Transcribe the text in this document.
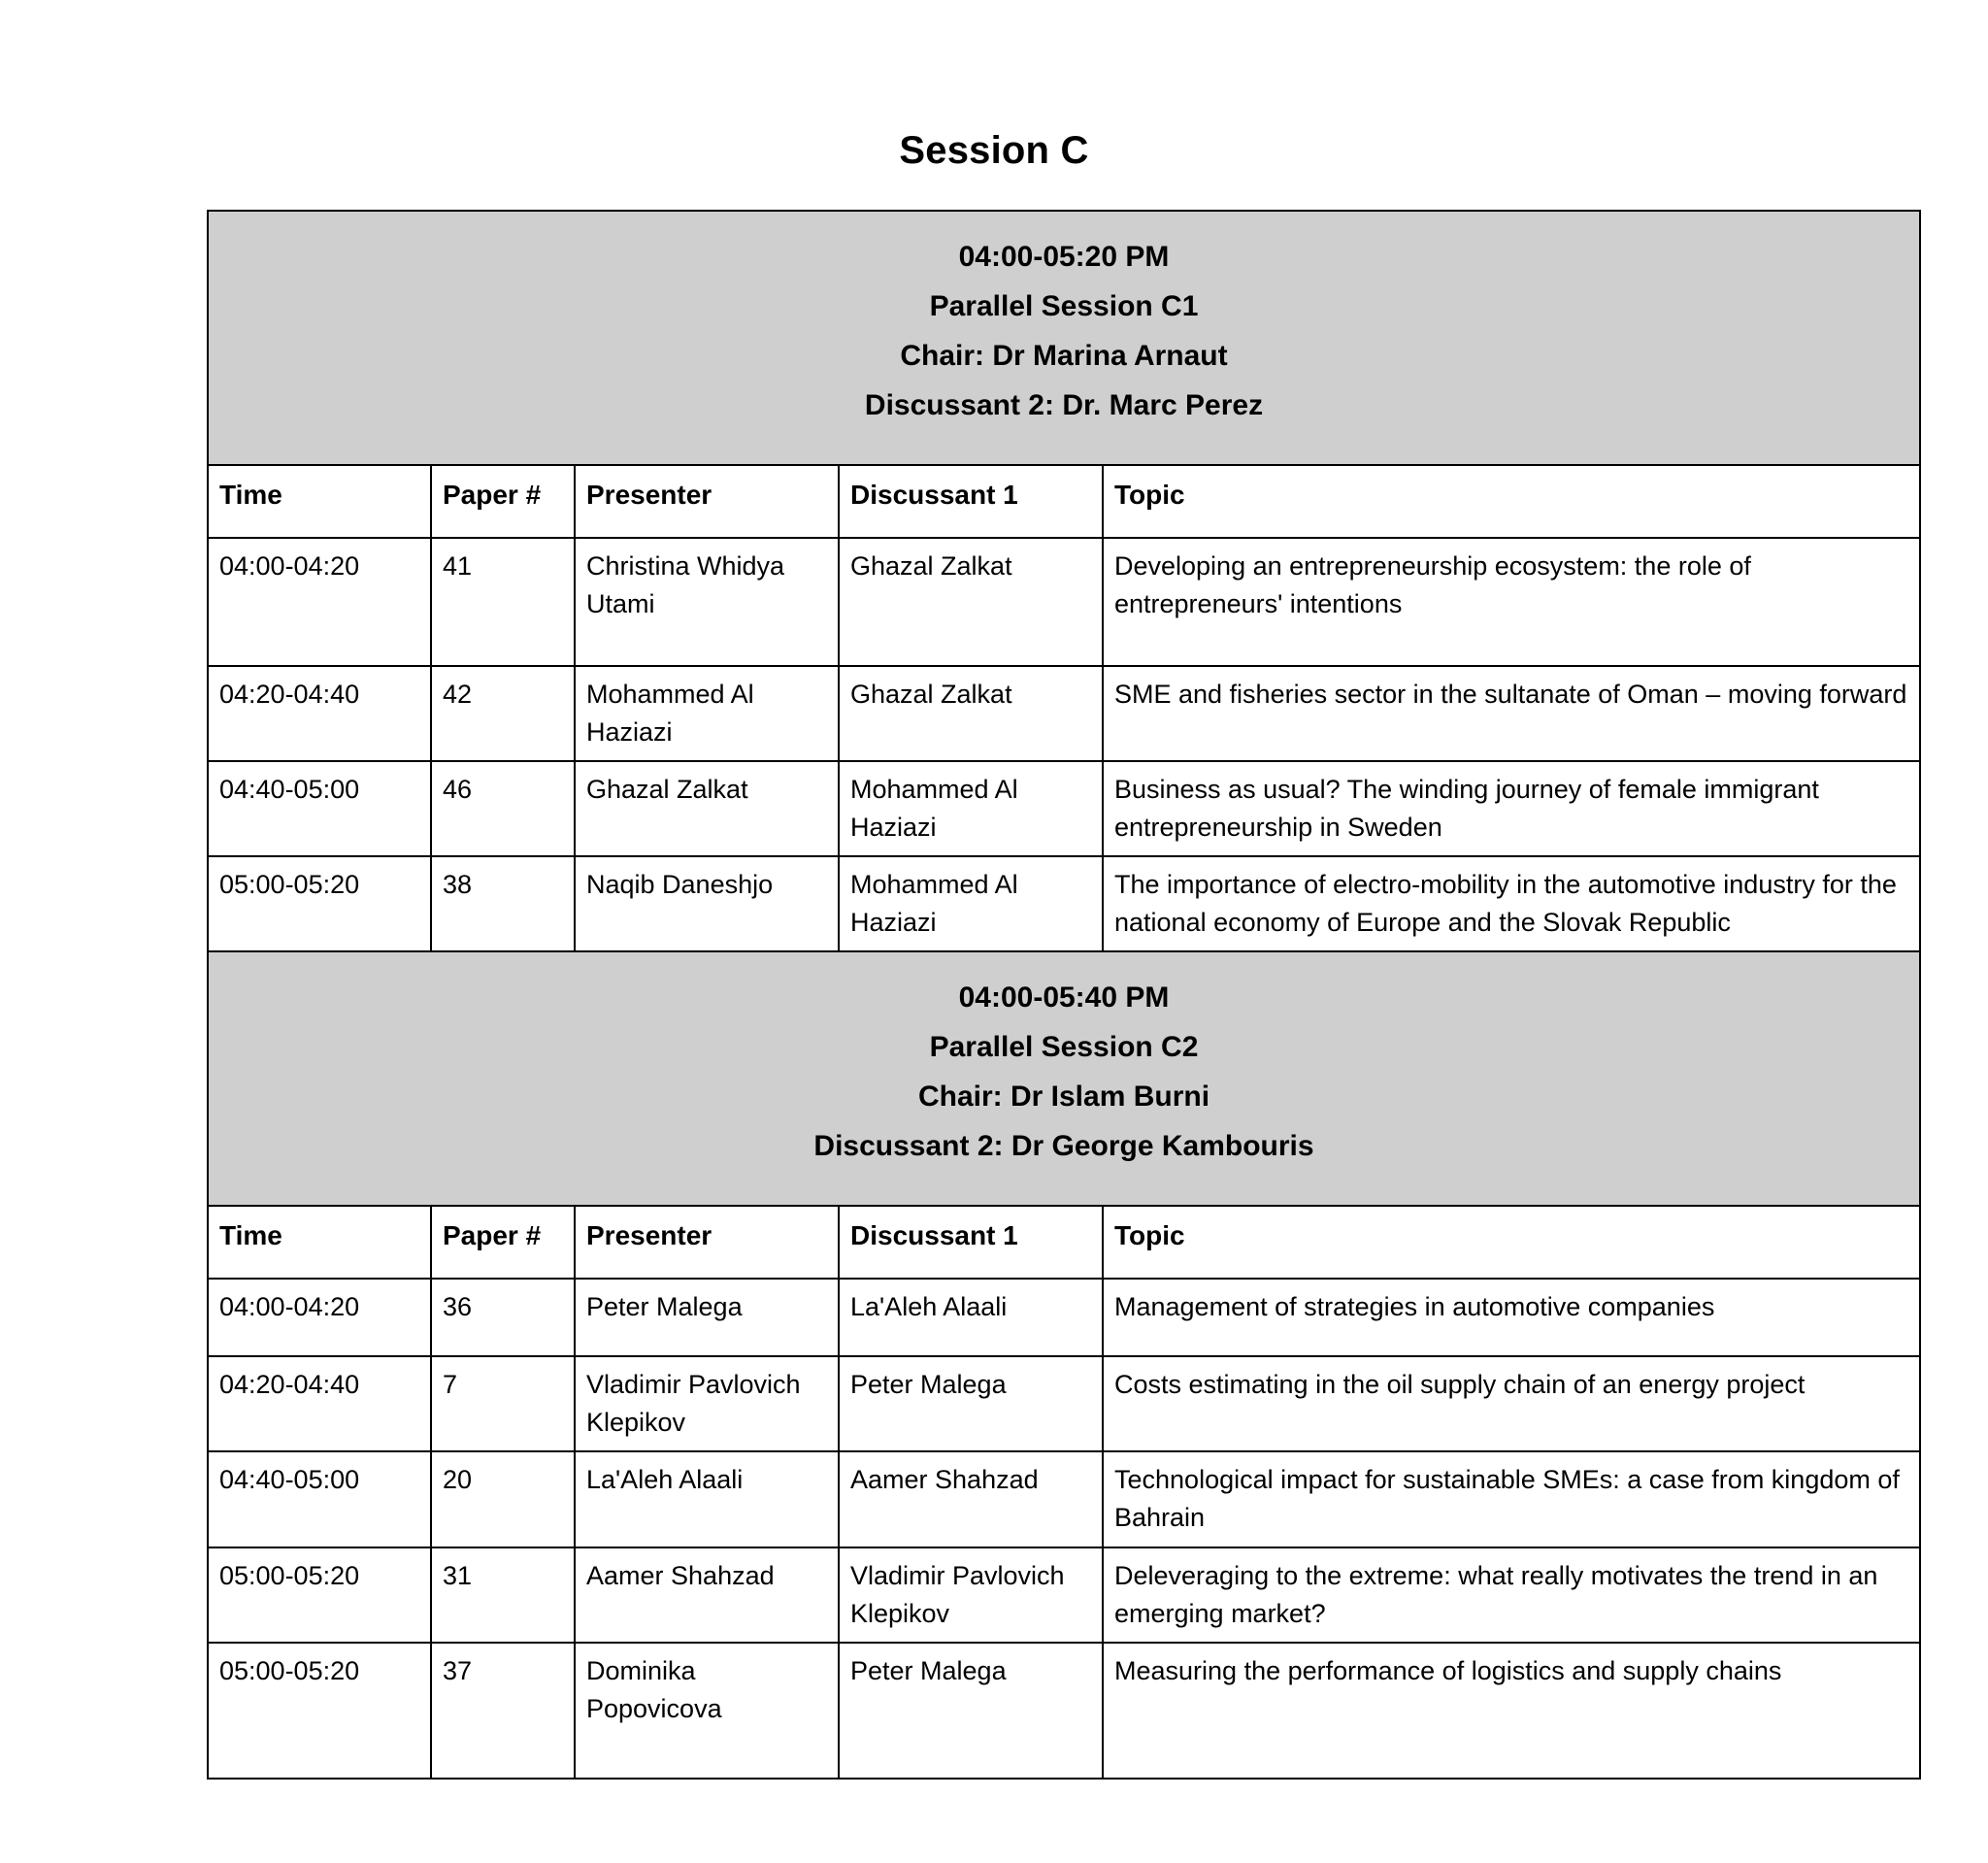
Session C
04:00-05:20 PM
Parallel Session C1
Chair: Dr Marina Arnaut
Discussant 2: Dr. Marc Perez				

Time	Paper #	Presenter	Discussant 1	Topic
04:00-04:20	41	Christina Whidya Utami	Ghazal Zalkat	Developing an entrepreneurship ecosystem: the role of entrepreneurs' intentions
04:20-04:40	42	Mohammed Al Haziazi	Ghazal Zalkat	SME and fisheries sector in the sultanate of Oman – moving forward
04:40-05:00	46	Ghazal Zalkat	Mohammed Al Haziazi	Business as usual? The winding journey of female immigrant entrepreneurship in Sweden
05:00-05:20	38	Naqib Daneshjo	Mohammed Al Haziazi	The importance of electro-mobility in the automotive industry for the national economy of Europe and the Slovak Republic

04:00-05:40 PM
Parallel Session C2
Chair: Dr Islam Burni
Discussant 2: Dr George Kambouris				

Time	Paper #	Presenter	Discussant 1	Topic
04:00-04:20	36	Peter Malega	La'Aleh Alaali	Management of strategies in automotive companies
04:20-04:40	7	Vladimir Pavlovich Klepikov	Peter Malega	Costs estimating in the oil supply chain of an energy project
04:40-05:00	20	La'Aleh Alaali	Aamer Shahzad	Technological impact for sustainable SMEs: a case from kingdom of Bahrain
05:00-05:20	31	Aamer Shahzad	Vladimir Pavlovich Klepikov	Deleveraging to the extreme: what really motivates the trend in an emerging market?
05:00-05:20	37	Dominika Popovicova	Peter Malega	Measuring the performance of logistics and supply chains
